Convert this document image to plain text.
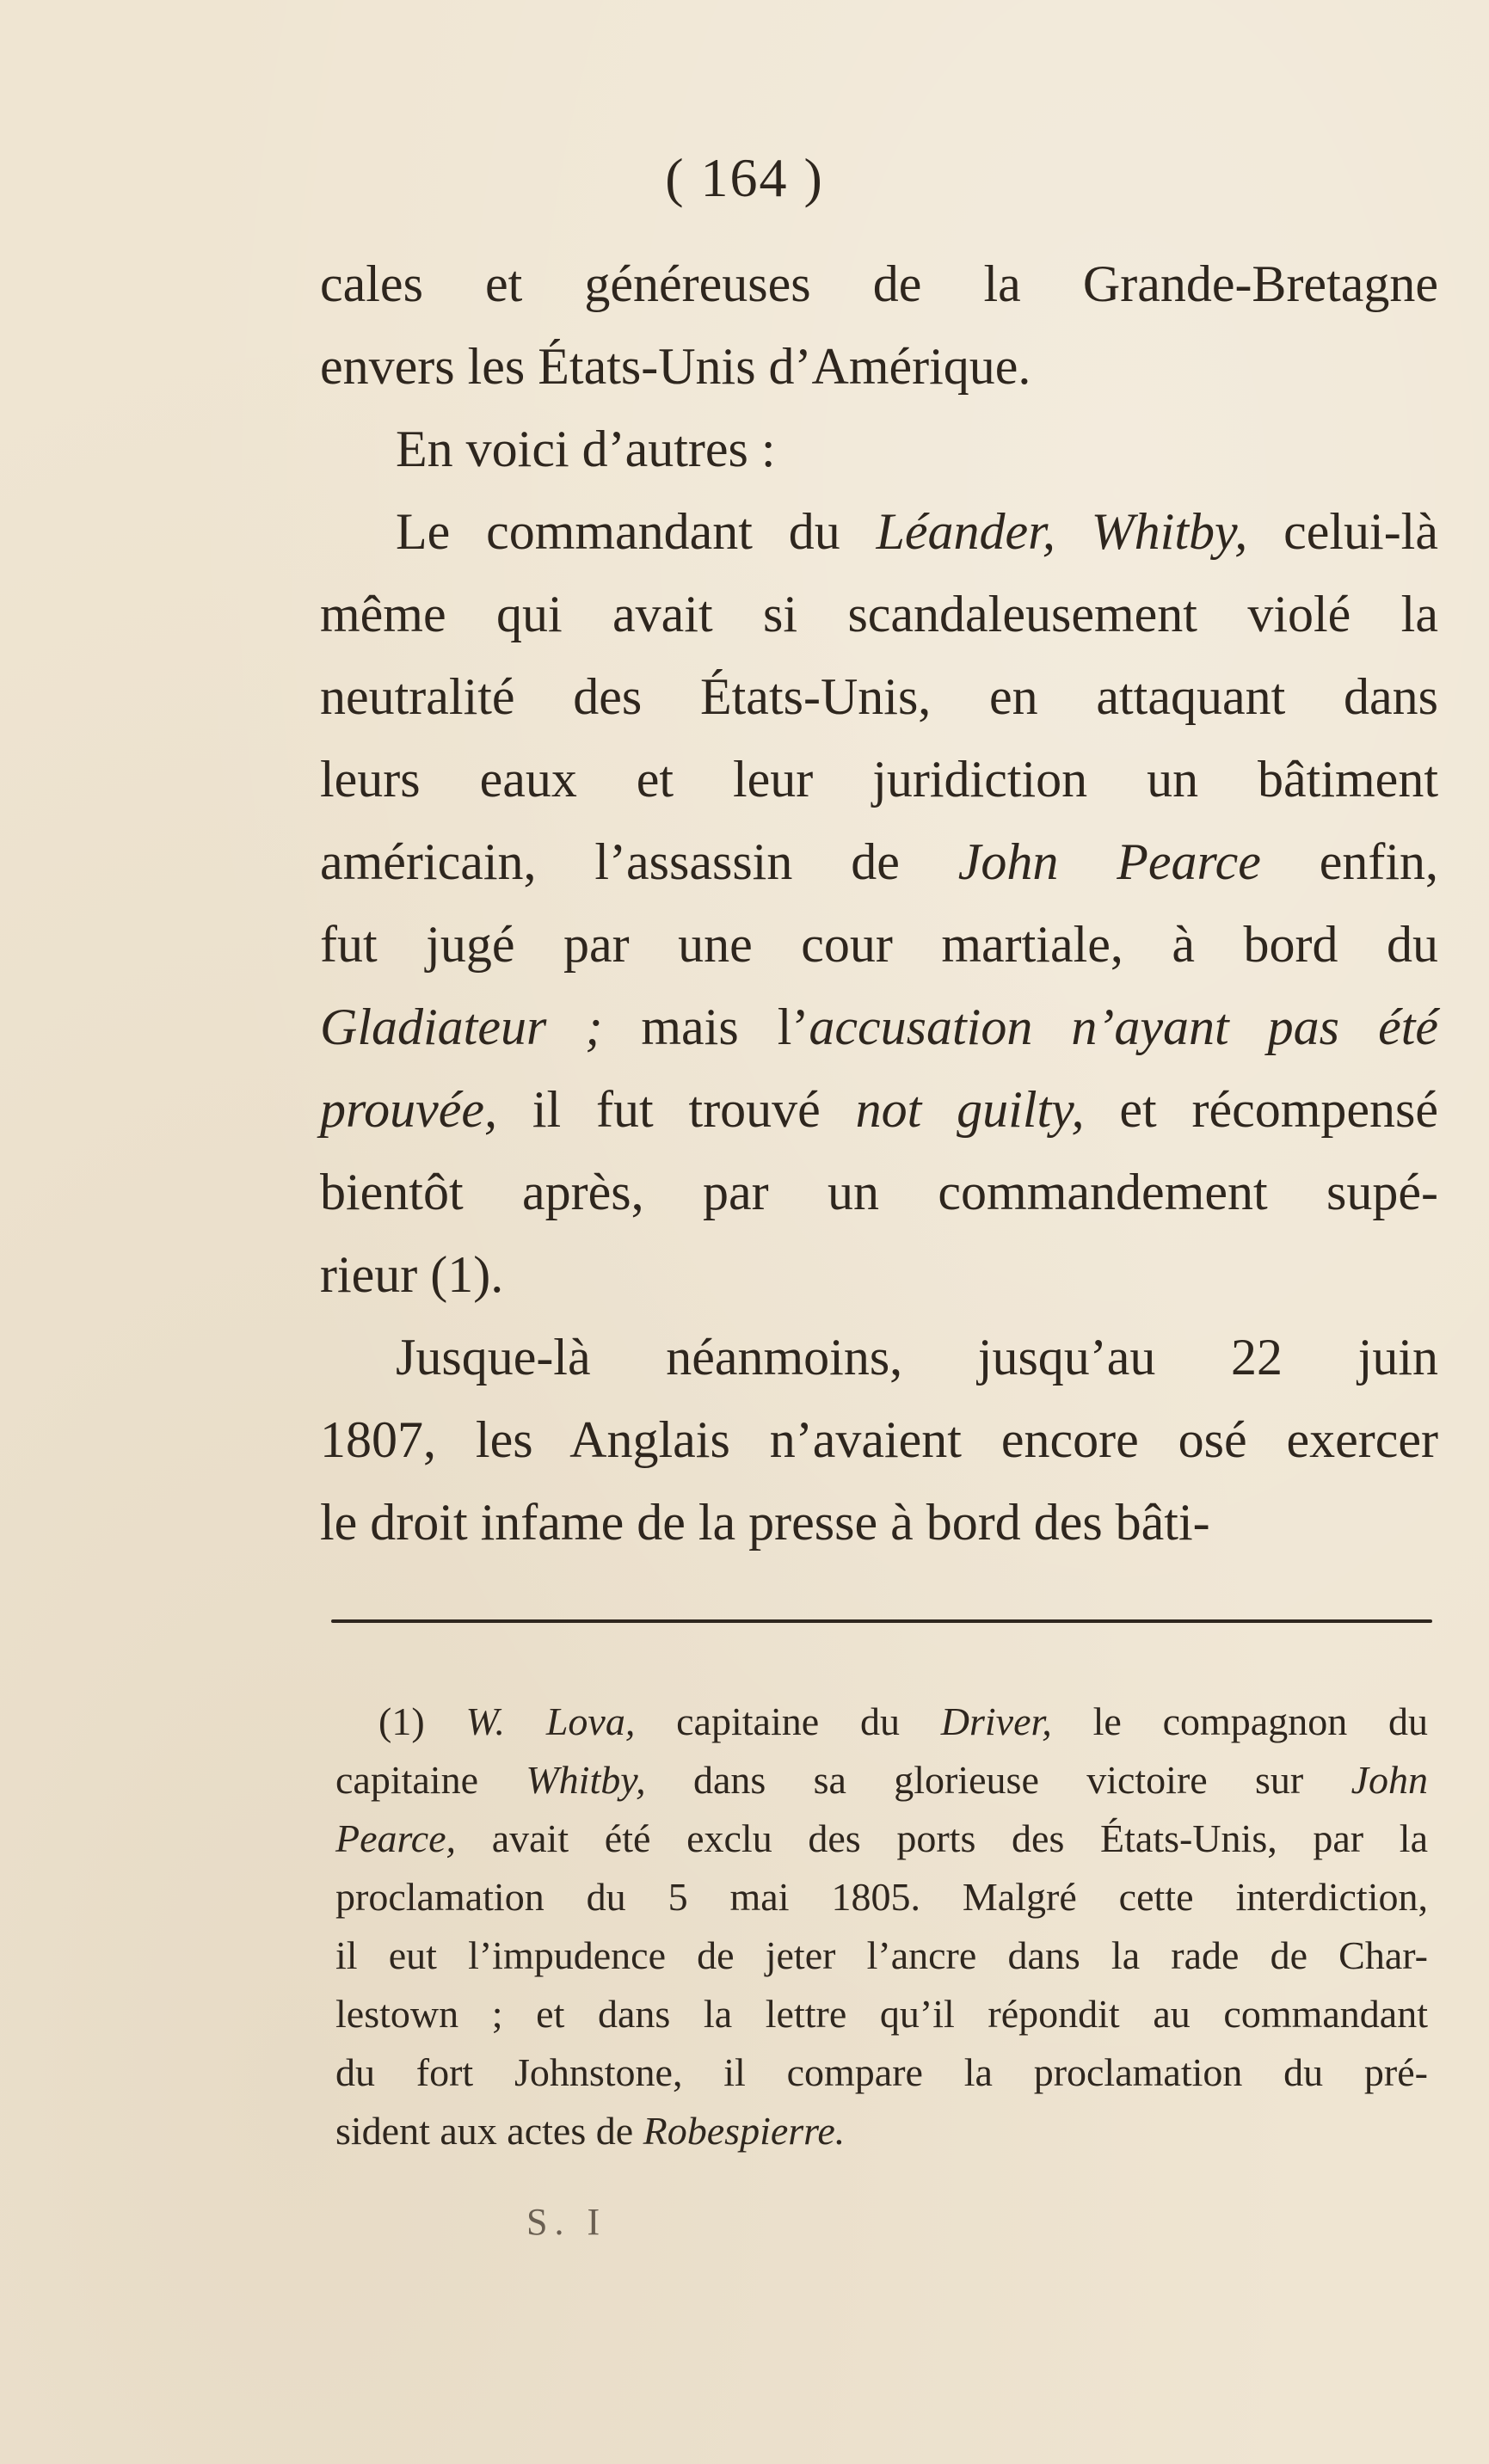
( 164 )
cales et généreuses de la Grande-Bretagne
envers les États-Unis d’Amérique.
En voici d’autres :
Le commandant du Léander, Whitby, celui-là
même qui avait si scandaleusement violé la
neutralité des États-Unis, en attaquant dans
leurs eaux et leur juridiction un bâtiment
américain, l’assassin de John Pearce enfin,
fut jugé par une cour martiale, à bord du
Gladiateur ; mais l’accusation n’ayant pas été
prouvée, il fut trouvé not guilty, et récompensé
bientôt après, par un commandement supé-
rieur (1).
Jusque-là néanmoins, jusqu’au 22 juin
1807, les Anglais n’avaient encore osé exercer
le droit infame de la presse à bord des bâti-
(1) W. Lova, capitaine du Driver, le compagnon du
capitaine Whitby, dans sa glorieuse victoire sur John
Pearce, avait été exclu des ports des États-Unis, par la
proclamation du 5 mai 1805. Malgré cette interdiction,
il eut l’impudence de jeter l’ancre dans la rade de Char-
lestown ; et dans la lettre qu’il répondit au commandant
du fort Johnstone, il compare la proclamation du pré-
sident aux actes de Robespierre.
S. I
